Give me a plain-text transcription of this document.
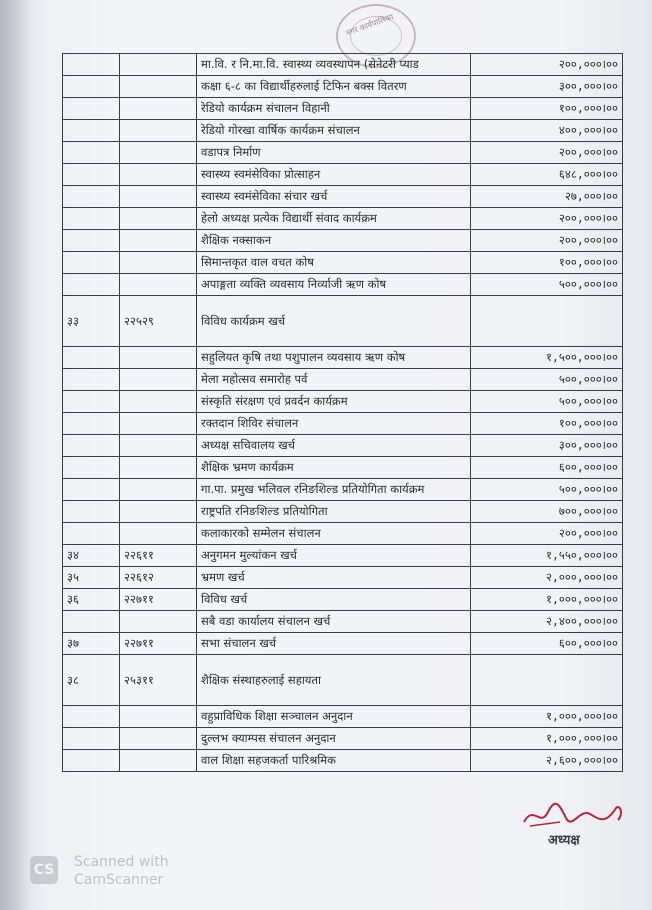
नगर कार्यपालिका
		मा.वि. र नि.मा.वि. स्वास्थ्य व्यवस्थापन (सेनेटरी प्याड	२००,०००।००
		कक्षा ६-८ का विद्यार्थीहरुलाई टिफिन बक्स वितरण	३००,०००।००
		रेडियो कार्यक्रम संचालन विहानी	१००,०००।००
		रेडियो गोरखा वार्षिक कार्यक्रम संचालन	४००,०००।००
		वडापत्र निर्माण	२००,०००।००
		स्वास्थ्य स्वमंसेविका प्रोत्साहन	६४८,०००।००
		स्वास्थ्य स्वमंसेविका संचार खर्च	२७,०००।००
		हेलो अध्यक्ष प्रत्येक विद्यार्थी संवाद कार्यक्रम	२००,०००।००
		शैक्षिक नक्साकन	२००,०००।००
		सिमान्तकृत वाल वचत कोष	१००,०००।००
		अपाङ्गता व्यक्ति व्यवसाय निर्व्याजी ऋण कोष	५००,०००।००
३३	२२५२९	विविध कार्यक्रम खर्च	
		सहुलियत कृषि तथा पशुपालन व्यवसाय ऋण कोष	१,५००,०००।००
		मेला महोत्सव समारोह पर्व	५००,०००।००
		संस्कृति संरक्षण एवं प्रवर्दन कार्यक्रम	५००,०००।००
		रक्तदान शिविर संचालन	१००,०००।००
		अध्यक्ष सचिवालय खर्च	३००,०००।००
		शैक्षिक भ्रमण कार्यक्रम	६००,०००।००
		गा.पा. प्रमुख भलिवल रनिङशिल्ड प्रतियोगिता कार्यक्रम	५००,०००।००
		राष्ट्रपति रनिङशिल्ड प्रतियोगिता	७००,०००।००
		कलाकारको सम्मेलन संचालन	२००,०००।००
३४	२२६११	अनुगमन मुल्यांकन खर्च	१,५५०,०००।००
३५	२२६१२	भ्रमण खर्च	२,०००,०००।००
३६	२२७११	विविध खर्च	१,०००,०००।००
		सबै वडा कार्यालय संचालन खर्च	२,४००,०००।००
३७	२२७११	सभा संचालन खर्च	६००,०००।००
३८	२५३११	शैक्षिक संस्थाहरुलाई सहायता	
		वहुप्राविधिक शिक्षा सञ्चालन अनुदान	१,०००,०००।००
		दुल्लभ क्याम्पस संचालन अनुदान	१,०००,०००।००
		वाल शिक्षा सहजकर्ता पारिश्रमिक	२,६००,०००।००
अध्यक्ष
CS Scanned with
CamScanner
